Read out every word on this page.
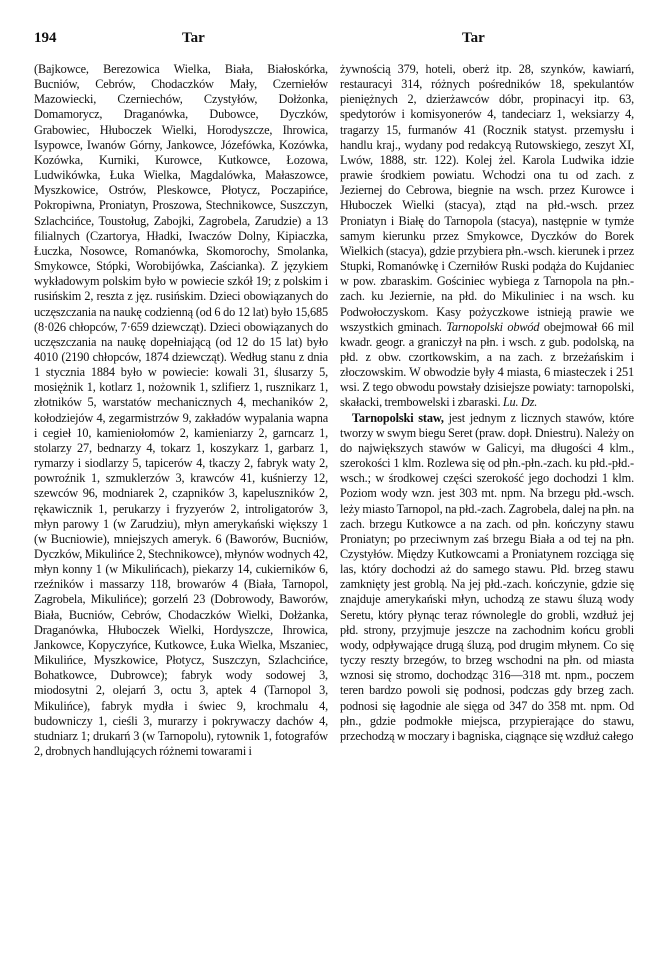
194	Tar	Tar

(Bajkowce, Berezowica Wielka, Biała, Białoskórka, Bucniów, Cebrów, Chodaczków Mały, Czerniełów Mazowiecki, Czerniechów, Czystyłów, Dołżonka, Domamorycz, Draganówka, Dubowce, Dyczków, Grabowiec, Hłuboczek Wielki, Horodyszcze, Ihrowica, Isypowce, Iwanów Górny, Jankowce, Józefówka, Kozówka, Kozówka, Kurniki, Kurowce, Kutkowce, Łozowa, Ludwikówka, Łuka Wielka, Magdalówka, Małaszowce, Myszkowice, Ostrów, Pleskowce, Płotycz, Poczapińce, Pokropiwna, Proniatyn, Proszowa, Stechnikowce, Suszczyn, Szlachcińce, Toustoług, Zabojki, Zagrobela, Zarudzie) a 13 filialnych (Czartorya, Hładki, Iwaczów Dolny, Kipiaczka, Łuczka, Nosowce, Romanówka, Skomorochy, Smolanka, Smykowce, Stópki, Worobijówka, Zaścianka). Z językiem wykładowym polskim było w powiecie szkół 19; z polskim i rusińskim 2, reszta z jęz. rusińskim. Dzieci obowiązanych do uczęszczania na naukę codzienną (od 6 do 12 lat) było 15,685 (8·026 chłopców, 7·659 dziewcząt). Dzieci obowiązanych do uczęszczania na naukę dopełniającą (od 12 do 15 lat) było 4010 (2190 chłopców, 1874 dziewcząt). Według stanu z dnia 1 stycznia 1884 było w powiecie: kowali 31, ślusarzy 5, mosiężnik 1, kotlarz 1, nożownik 1, szlifierz 1, rusznikarz 1, złotników 5, warstatów mechanicznych 4, mechaników 2, kołodziejów 4, zegarmistrzów 9, zakładów wypalania wapna i cegieł 10, kamieniołomów 2, kamieniarzy 2, garncarz 1, stolarzy 27, bednarzy 4, tokarz 1, koszykarz 1, garbarz 1, rymarzy i siodlarzy 5, tapicerów 4, tkaczy 2, fabryk waty 2, powroźnik 1, szmuklerzów 3, krawców 41, kuśnierzy 12, szewców 96, modniarek 2, czapników 3, kapeluszników 2, rękawicznik 1, perukarzy i fryzyerów 2, introligatorów 3, młyn parowy 1 (w Zarudziu), młyn amerykański większy 1 (w Bucniowie), mniejszych ameryk. 6 (Baworów, Bucniów, Dyczków, Mikulińce 2, Stechnikowce), młynów wodnych 42, młyn konny 1 (w Mikulińcach), piekarzy 14, cukierników 6, rzeźników i massarzy 118, browarów 4 (Biała, Tarnopol, Zagrobela, Mikulińce); gorzelń 23 (Dobrowody, Baworów, Biała, Bucniów, Cebrów, Chodaczków Wielki, Dołżanka, Draganówka, Hłuboczek Wielki, Hordyszcze, Ihrowica, Jankowce, Kopyczyńce, Kutkowce, Łuka Wielka, Mszaniec, Mikulińce, Myszkowice, Płotycz, Suszczyn, Szlachcińce, Bohatkowce, Dubrowce); fabryk wody sodowej 3, miodosytni 2, olejarń 3, octu 3, aptek 4 (Tarnopol 3, Mikulińce), fabryk mydła i świec 9, krochmalu 4, budowniczy 1, cieśli 3, murarzy i pokrywaczy dachów 4, studniarz 1; drukarń 3 (w Tarnopolu), rytownik 1, fotografów 2, drobnych handlujących różnemi towarami i

żywnością 379, hoteli, oberż itp. 28, szynków, kawiarń, restauracyi 314, różnych pośredników 18, spekulantów pieniężnych 2, dzierżawców dóbr, propinacyi itp. 63, spedytorów i komisyonerów 4, tandeciarz 1, weksiarzy 4, tragarzy 15, furmanów 41 (Rocznik statyst. przemysłu i handlu kraj., wydany pod redakcyą Rutowskiego, zeszyt XI, Lwów, 1888, str. 122). Kolej żel. Karola Ludwika idzie prawie środkiem powiatu. Wchodzi ona tu od zach. z Jeziernej do Cebrowa, biegnie na wsch. przez Kurowce i Hłuboczek Wielki (stacya), ztąd na płd.-wsch. przez Proniatyn i Białę do Tarnopola (stacya), następnie w tymże samym kierunku przez Smykowce, Dyczków do Borek Wielkich (stacya), gdzie przybiera płn.-wsch. kierunek i przez Stupki, Romanówkę i Czerniłów Ruski podąża do Kujdaniec w pow. zbaraskim. Gościniec wybiega z Tarnopola na płn.-zach. ku Jeziernie, na płd. do Mikuliniec i na wsch. ku Podwołoczyskom. Kasy pożyczkowe istnieją prawie we wszystkich gminach. Tarnopolski obwód obejmował 66 mil kwadr. geogr. a graniczył na płn. i wsch. z gub. podolską, na płd. z obw. czortkowskim, a na zach. z brzeżańskim i złoczowskim. W obwodzie były 4 miasta, 6 miasteczek i 251 wsi. Z tego obwodu powstały dzisiejsze powiaty: tarnopolski, skałacki, trembowelski i zbaraski. Lu. Dz.

Tarnopolski staw, jest jednym z licznych stawów, które tworzy w swym biegu Seret (praw. dopł. Dniestru). Należy on do największych stawów w Galicyi, ma długości 4 klm., szerokości 1 klm. Rozlewa się od płn.-płn.-zach. ku płd.-płd.-wsch.; w środkowej części szerokość jego dochodzi 1 klm. Poziom wody wzn. jest 303 mt. npm. Na brzegu płd.-wsch. leży miasto Tarnopol, na płd.-zach. Zagrobela, dalej na płn. na zach. brzegu Kutkowce a na zach. od płn. kończyny stawu Proniatyn; po przeciwnym zaś brzegu Biała a od tej na płn. Czystyłów. Między Kutkowcami a Proniatynem rozciąga się las, który dochodzi aż do samego stawu. Płd. brzeg stawu zamknięty jest groblą. Na jej płd.-zach. kończynie, gdzie się znajduje amerykański młyn, uchodzą ze stawu śluzą wody Seretu, który płynąc teraz równolegle do grobli, wzdłuż jej płd. strony, przyjmuje jeszcze na zachodnim końcu grobli wody, odpływające drugą śluzą, pod drugim młynem. Co się tyczy reszty brzegów, to brzeg wschodni na płn. od miasta wznosi się stromo, dochodząc 316—318 mt. npm., poczem teren bardzo powoli się podnosi, podczas gdy brzeg zach. podnosi się łagodnie ale sięga od 347 do 358 mt. npm. Od płn., gdzie podmokłe miejsca, przypierające do stawu, przechodzą w moczary i bagniska, ciągnące się wzdłuż całego
